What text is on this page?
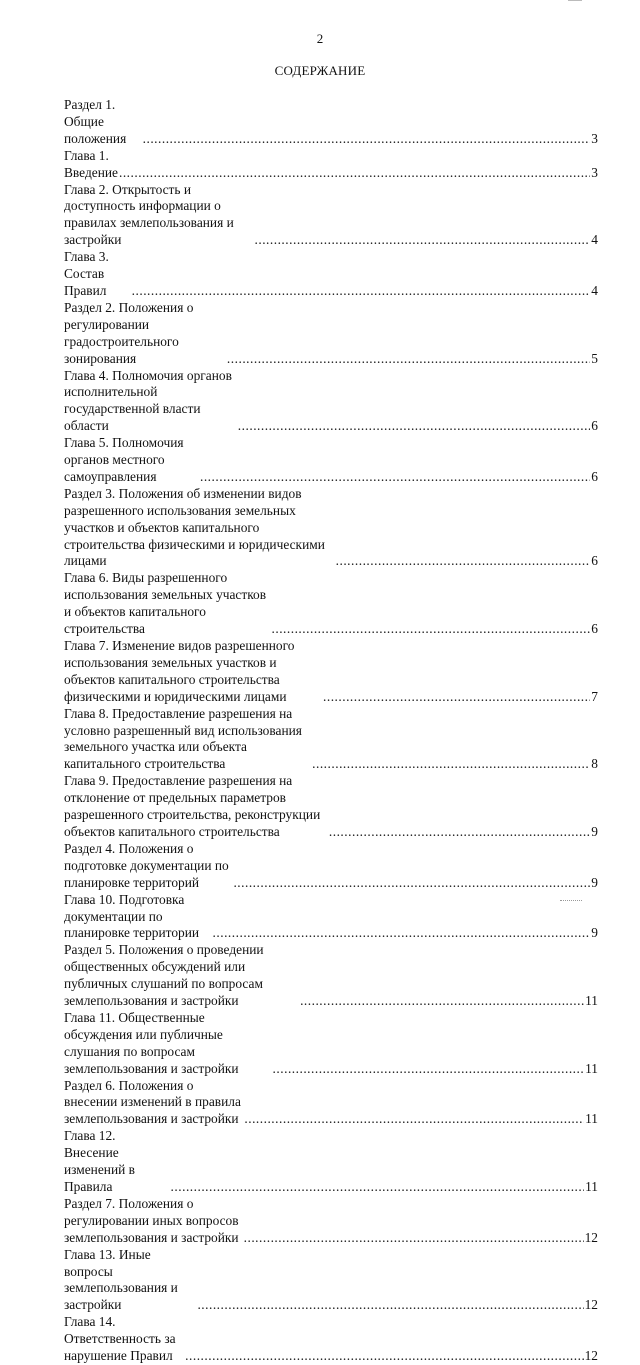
2
СОДЕРЖАНИЕ
Раздел 1. Общие положения .....	3
Глава 1. Введение .....	3
Глава 2. Открытость и доступность информации о правилах землепользования и застройки .....	4
Глава 3. Состав Правил .....	4
Раздел 2. Положения о регулировании градостроительного зонирования .....	5
Глава 4. Полномочия органов исполнительной государственной власти области .....	6
Глава 5. Полномочия органов местного самоуправления .....	6
Раздел 3. Положения об изменении видов разрешенного использования земельных участков и объектов капитального строительства физическими и юридическими лицами .....	6
Глава 6. Виды разрешенного использования земельных участков и объектов капитального строительства .....	6
Глава 7. Изменение видов разрешенного использования земельных участков и объектов капитального строительства физическими и юридическими лицами .....	7
Глава 8. Предоставление разрешения на условно разрешенный вид использования земельного участка или объекта капитального строительства .....	8
Глава 9. Предоставление разрешения на отклонение от предельных параметров разрешенного строительства, реконструкции объектов капитального строительства .....	9
Раздел 4. Положения о подготовке документации по планировке территорий .....	9
Глава 10. Подготовка документации по планировке территории .....	9
Раздел 5. Положения о проведении общественных обсуждений или публичных слушаний по вопросам землепользования и застройки .....	11
Глава 11. Общественные обсуждения или публичные слушания по вопросам землепользования и застройки .....	11
Раздел 6. Положения о внесении изменений в правила землепользования и застройки .....	11
Глава 12. Внесение изменений в Правила .....	11
Раздел 7. Положения о регулировании иных вопросов землепользования и застройки .....	12
Глава 13. Иные вопросы землепользования и застройки .....	12
Глава 14. Ответственность за нарушение Правил .....	12
